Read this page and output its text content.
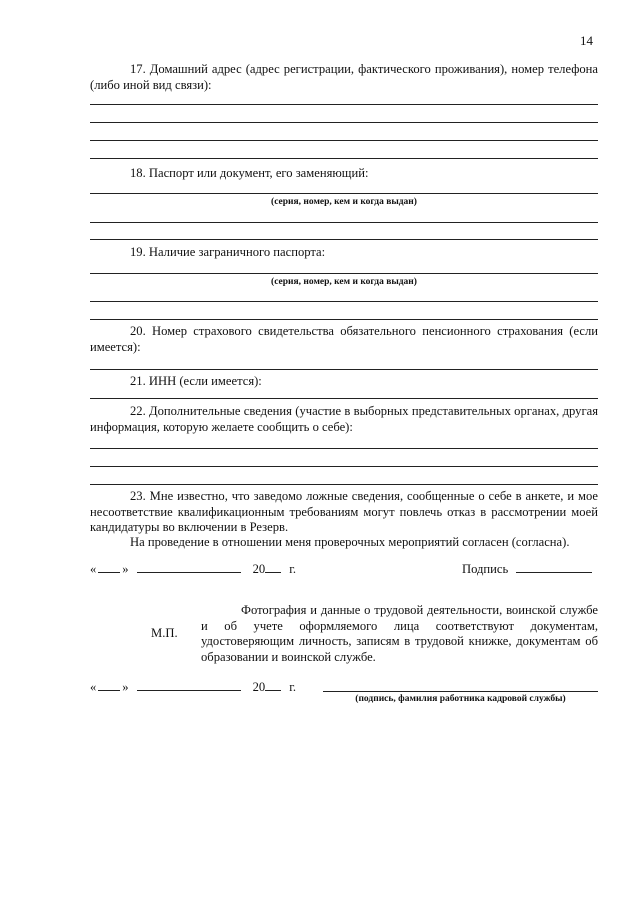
14
17. Домашний адрес (адрес регистрации, фактического проживания), номер телефона (либо иной вид связи):
18. Паспорт или документ, его заменяющий:
(серия, номер, кем и когда выдан)
19. Наличие заграничного паспорта:
(серия, номер, кем и когда выдан)
20. Номер страхового свидетельства обязательного пенсионного страхования (если имеется):
21. ИНН (если имеется):
22. Дополнительные сведения (участие в выборных представительных органах, другая информация, которую желаете сообщить о себе):
23. Мне известно, что заведомо ложные сведения, сообщенные о себе в анкете, и мое несоответствие квалификационным требованиям могут повлечь отказ в рассмотрении моей кандидатуры во включении в Резерв.
На проведение в отношении меня проверочных мероприятий согласен (согласна).
« »	20 г.	Подпись
М.П.
Фотография и данные о трудовой деятельности, воинской службе и об учете оформляемого лица соответствуют документам, удостоверяющим личность, записям в трудовой книжке, документам об образовании и воинской службе.
« »	20 г.
(подпись, фамилия работника кадровой службы)
